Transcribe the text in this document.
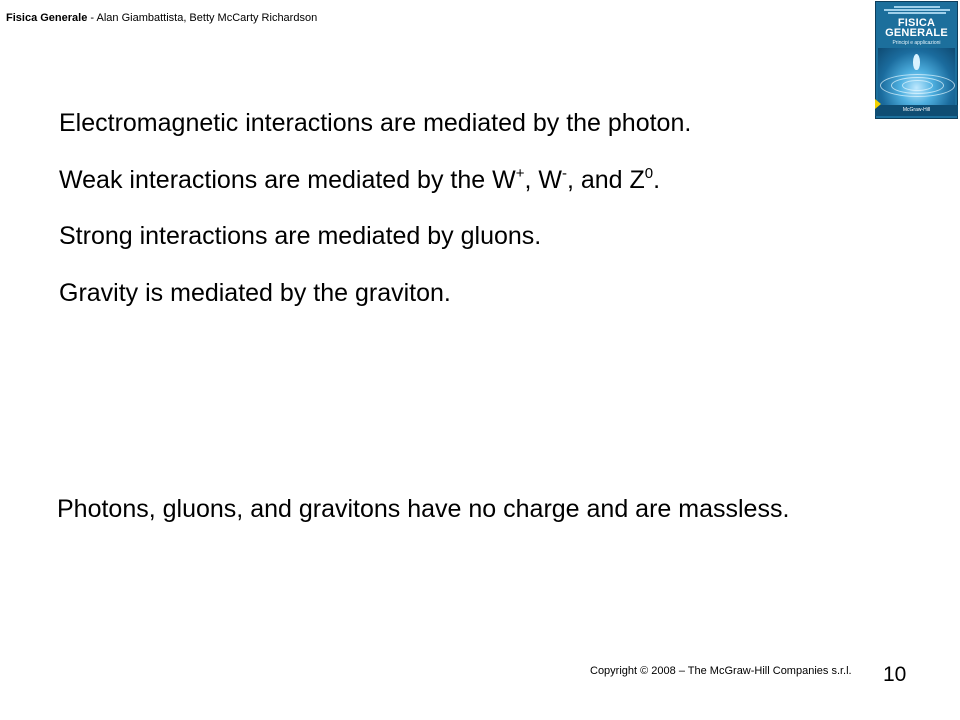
Fisica Generale - Alan Giambattista, Betty McCarty Richardson	FISICA
GENERALE
Principi e applicazioni
McGraw-Hill
Electromagnetic interactions are mediated by the photon.
Weak interactions are mediated by the W+, W-, and $Z^0$.
Strong interactions are mediated by gluons.
Gravity is mediated by the graviton.
Photons, gluons, and gravitons have no charge and are massless.
Copyright © 2008 – The McGraw-Hill Companies s.r.l. 10
